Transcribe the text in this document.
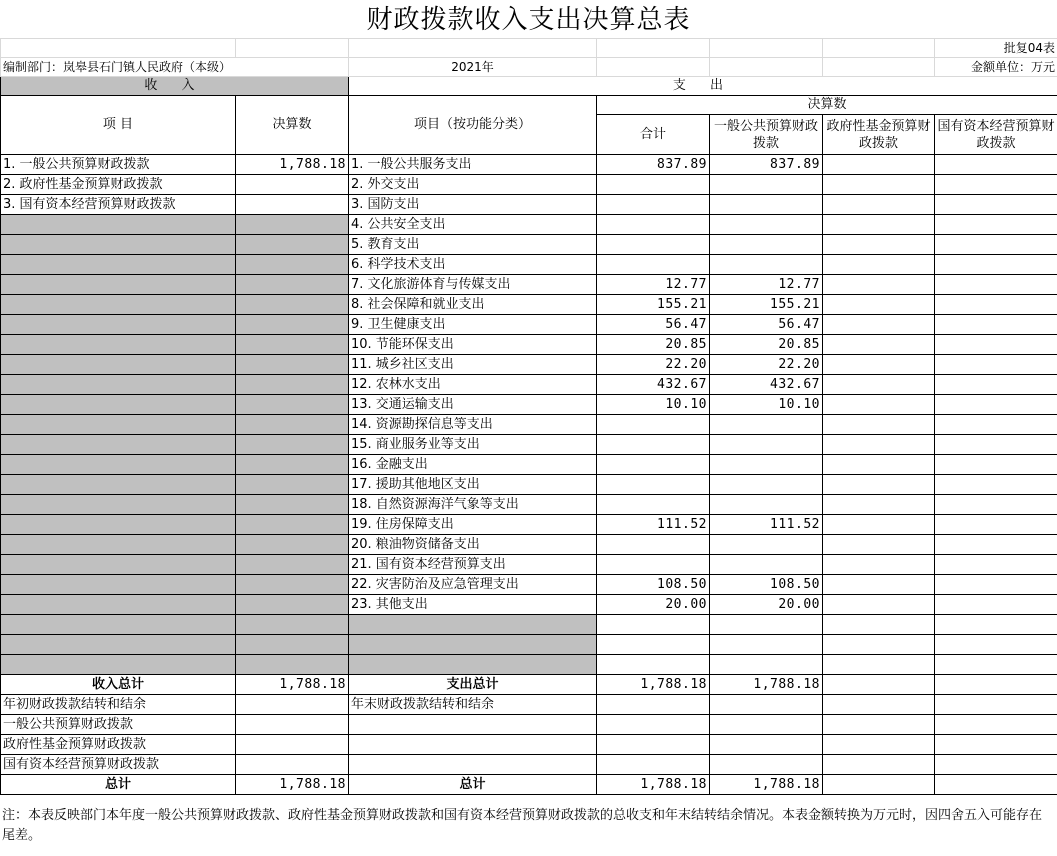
财政拨款收入支出决算总表
						批复04表
编制部门：岚皋县石门镇人民政府（本级）		2021年				金额单位：万元
收 入		支 出				
项 目	决算数	项目（按功能分类）	决算数			
			合计	一般公共预算财政拨款	政府性基金预算财政拨款	国有资本经营预算财政拨款

1. 一般公共预算财政拨款	1,788.18	1. 一般公共服务支出	837.89	837.89		
2. 政府性基金预算财政拨款		2. 外交支出				
3. 国有资本经营预算财政拨款		3. 国防支出				
		4. 公共安全支出				
		5. 教育支出				
		6. 科学技术支出				
		7. 文化旅游体育与传媒支出	12.77	12.77		
		8. 社会保障和就业支出	155.21	155.21		
		9. 卫生健康支出	56.47	56.47		
		10. 节能环保支出	20.85	20.85		
		11. 城乡社区支出	22.20	22.20		
		12. 农林水支出	432.67	432.67		
		13. 交通运输支出	10.10	10.10		
		14. 资源勘探信息等支出				
		15. 商业服务业等支出				
		16. 金融支出				
		17. 援助其他地区支出				
		18. 自然资源海洋气象等支出				
		19. 住房保障支出	111.52	111.52		
		20. 粮油物资储备支出				
		21. 国有资本经营预算支出				
		22. 灾害防治及应急管理支出	108.50	108.50		
		23. 其他支出	20.00	20.00		

收入总计	1,788.18	支出总计	1,788.18	1,788.18		
年初财政拨款结转和结余		年末财政拨款结转和结余				
一般公共预算财政拨款						
政府性基金预算财政拨款						
国有资本经营预算财政拨款						
总计	1,788.18	总计	1,788.18	1,788.18		
注：本表反映部门本年度一般公共预算财政拨款、政府性基金预算财政拨款和国有资本经营预算财政拨款的总收支和年末结转结余情况。本表金额转换为万元时，因四舍五入可能存在尾差。
